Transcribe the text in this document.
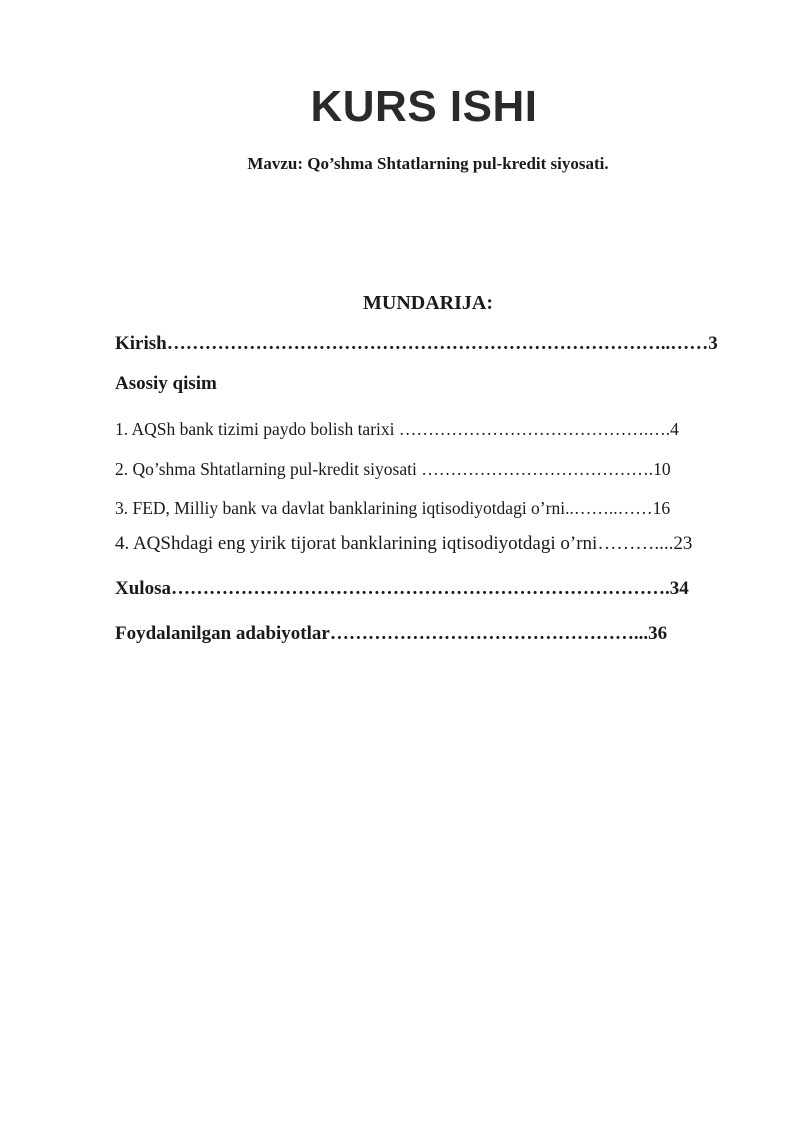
KURS ISHI
Mavzu: Qo’shma Shtatlarning pul-kredit siyosati.
MUNDARIJA:
Kirish……………………………………………………………………..……3
Asosiy qisim
1. AQSh bank tizimi paydo bolish tarixi …………………………………….….4
2. Qo’shma Shtatlarning pul-kredit siyosati ………………………………….10
3. FED, Milliy bank va davlat banklarining iqtisodiyotdagi o’rni..……..……16
4. AQShdagi eng yirik tijorat banklarining iqtisodiyotdagi o’rni………....23
Xulosa…………………………………………………………………….34
Foydalanilgan adabiyotlar…………………………………………...36
